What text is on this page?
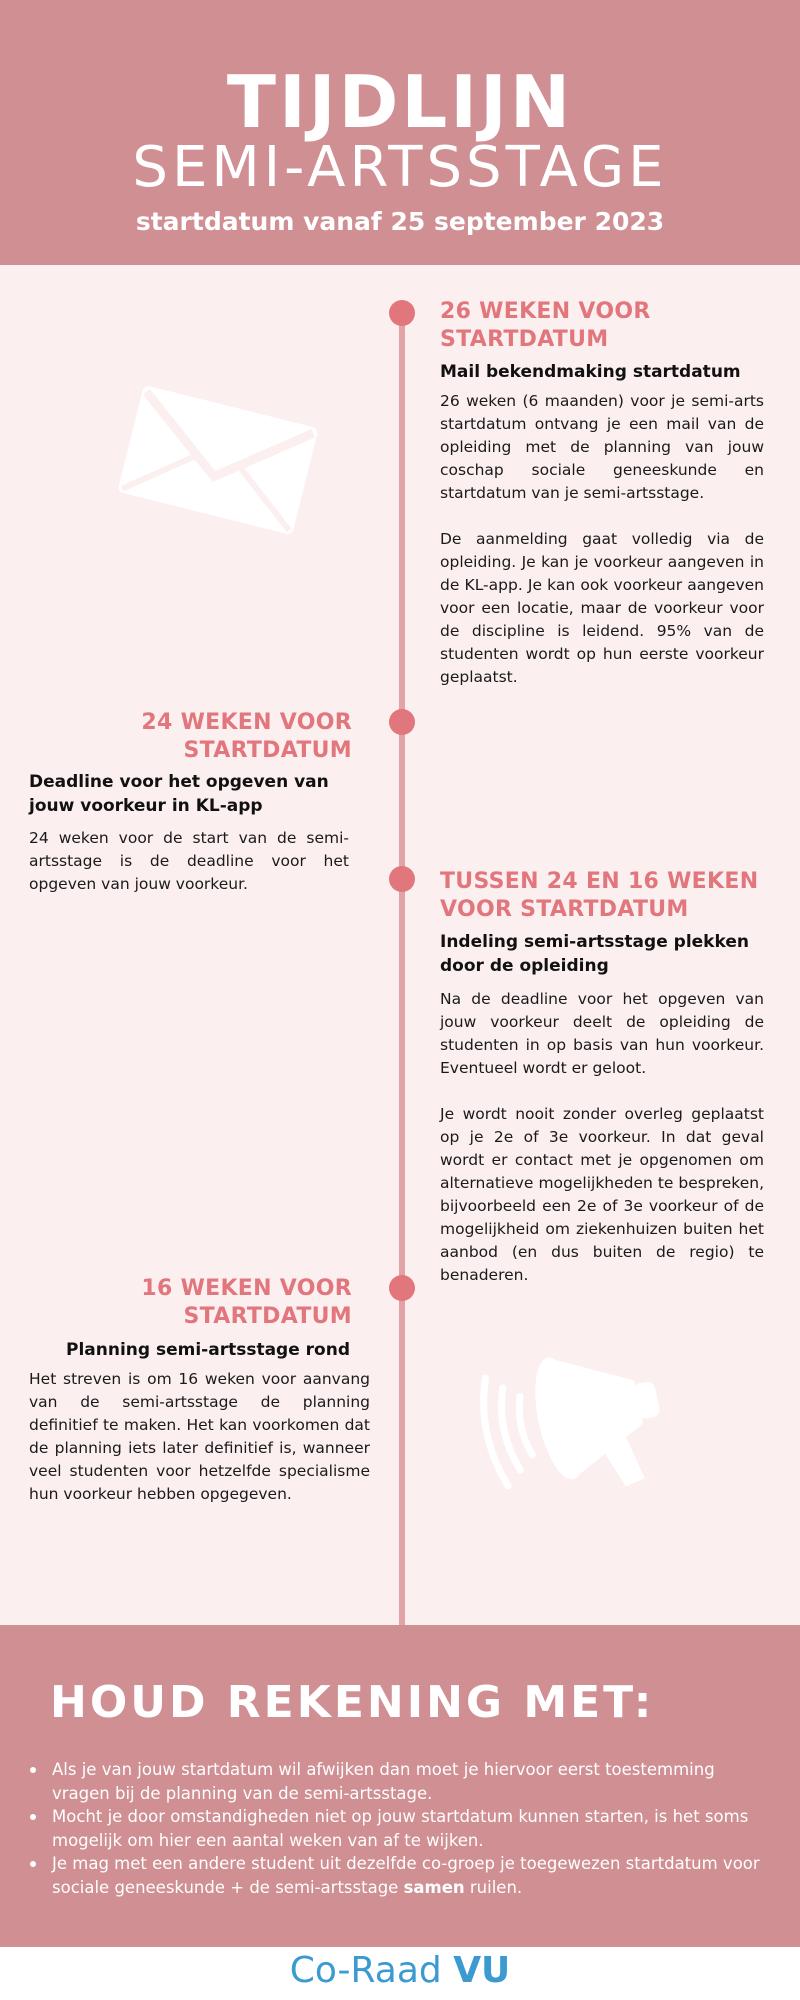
TIJDLIJN
SEMI-ARTSSTAGE
startdatum vanaf 25 september 2023
26 WEKEN VOOR
STARTDATUM
Mail bekendmaking startdatum

26 weken (6 maanden) voor je semi-arts startdatum ontvang je een mail van de opleiding met de planning van jouw coschap sociale geneeskunde en startdatum van je semi-artsstage.

De aanmelding gaat volledig via de opleiding. Je kan je voorkeur aangeven in de KL-app. Je kan ook voorkeur aangeven voor een locatie, maar de voorkeur voor de discipline is leidend. 95% van de studenten wordt op hun eerste voorkeur geplaatst.

24 WEKEN VOOR
STARTDATUM
Deadline voor het opgeven van
jouw voorkeur in KL-app
24 weken voor de start van de semi-artsstage is de deadline voor het opgeven van jouw voorkeur.	TUSSEN 24 EN 16 WEKEN
VOOR STARTDATUM
Indeling semi-artsstage plekken
door de opleiding

Na de deadline voor het opgeven van jouw voorkeur deelt de opleiding de studenten in op basis van hun voorkeur. Eventueel wordt er geloot.

Je wordt nooit zonder overleg geplaatst op je 2e of 3e voorkeur. In dat geval wordt er contact met je opgenomen om alternatieve mogelijkheden te bespreken, bijvoorbeeld een 2e of 3e voorkeur of de mogelijkheid om ziekenhuizen buiten het aanbod (en dus buiten de regio) te benaderen.

16 WEKEN VOOR
STARTDATUM
Planning semi-artsstage rond
Het streven is om 16 weken voor aanvang van de semi-artsstage de planning definitief te maken. Het kan voorkomen dat de planning iets later definitief is, wanneer veel studenten voor hetzelfde specialisme hun voorkeur hebben opgegeven.
HOUD REKENING MET:
Als je van jouw startdatum wil afwijken dan moet je hiervoor eerst toestemming vragen bij de planning van de semi-artsstage.
Mocht je door omstandigheden niet op jouw startdatum kunnen starten, is het soms mogelijk om hier een aantal weken van af te wijken.
Je mag met een andere student uit dezelfde co-groep je toegewezen startdatum voor sociale geneeskunde + de semi-artsstage samen ruilen.
Co-Raad VU
